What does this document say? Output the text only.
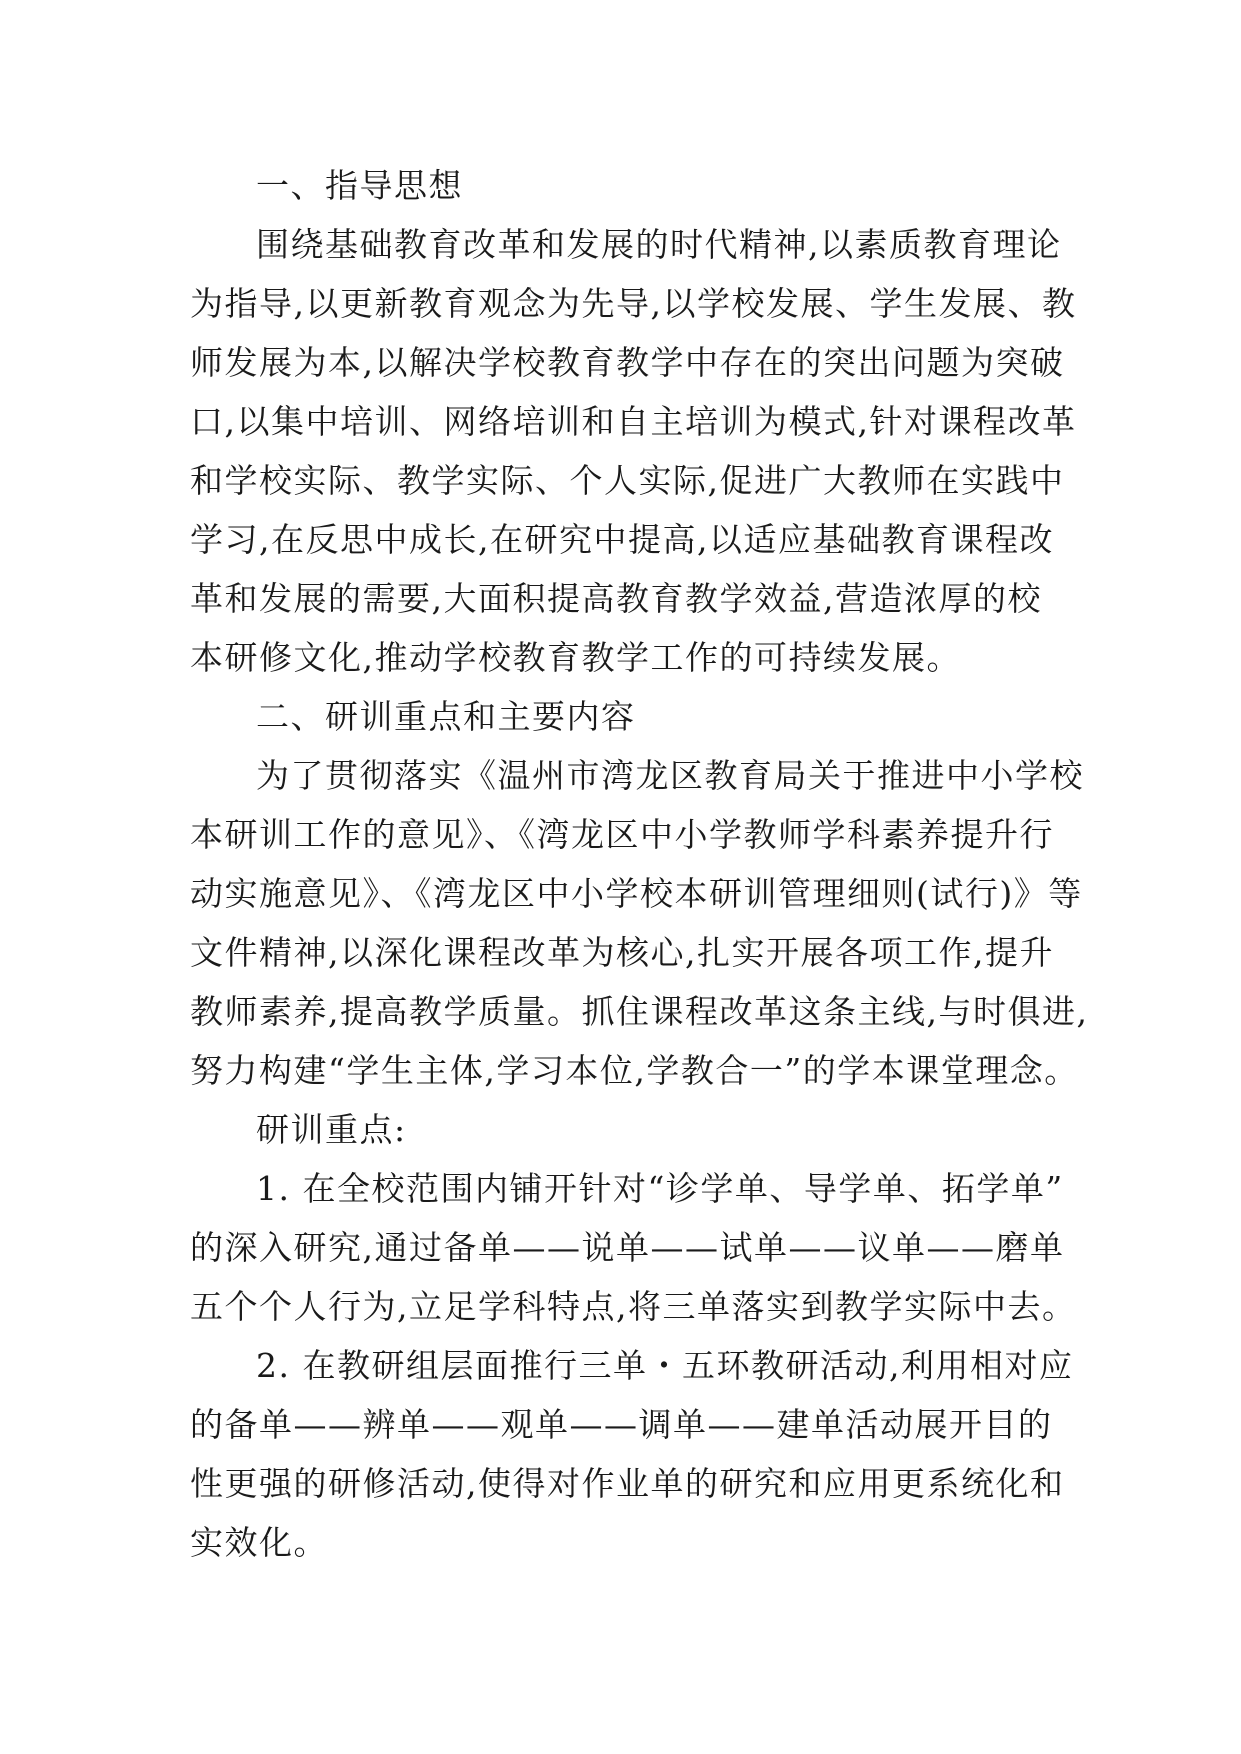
一、指导思想
围绕基础教育改革和发展的时代精神,以素质教育理论
为指导,以更新教育观念为先导,以学校发展、学生发展、教
师发展为本,以解决学校教育教学中存在的突出问题为突破
口,以集中培训、网络培训和自主培训为模式,针对课程改革
和学校实际、教学实际、个人实际,促进广大教师在实践中
学习,在反思中成长,在研究中提高,以适应基础教育课程改
革和发展的需要,大面积提高教育教学效益,营造浓厚的校
本研修文化,推动学校教育教学工作的可持续发展。
二、研训重点和主要内容
为了贯彻落实《温州市湾龙区教育局关于推进中小学校
本研训工作的意见》、《湾龙区中小学教师学科素养提升行
动实施意见》、《湾龙区中小学校本研训管理细则(试行)》等
文件精神,以深化课程改革为核心,扎实开展各项工作,提升
教师素养,提高教学质量。抓住课程改革这条主线,与时俱进,
努力构建“学生主体,学习本位,学教合一”的学本课堂理念。
研训重点:
1. 在全校范围内铺开针对“诊学单、导学单、拓学单”
的深入研究,通过备单——说单——试单——议单——磨单
五个个人行为,立足学科特点,将三单落实到教学实际中去。
2. 在教研组层面推行三单・五环教研活动,利用相对应
的备单——辨单——观单——调单——建单活动展开目的
性更强的研修活动,使得对作业单的研究和应用更系统化和
实效化。
